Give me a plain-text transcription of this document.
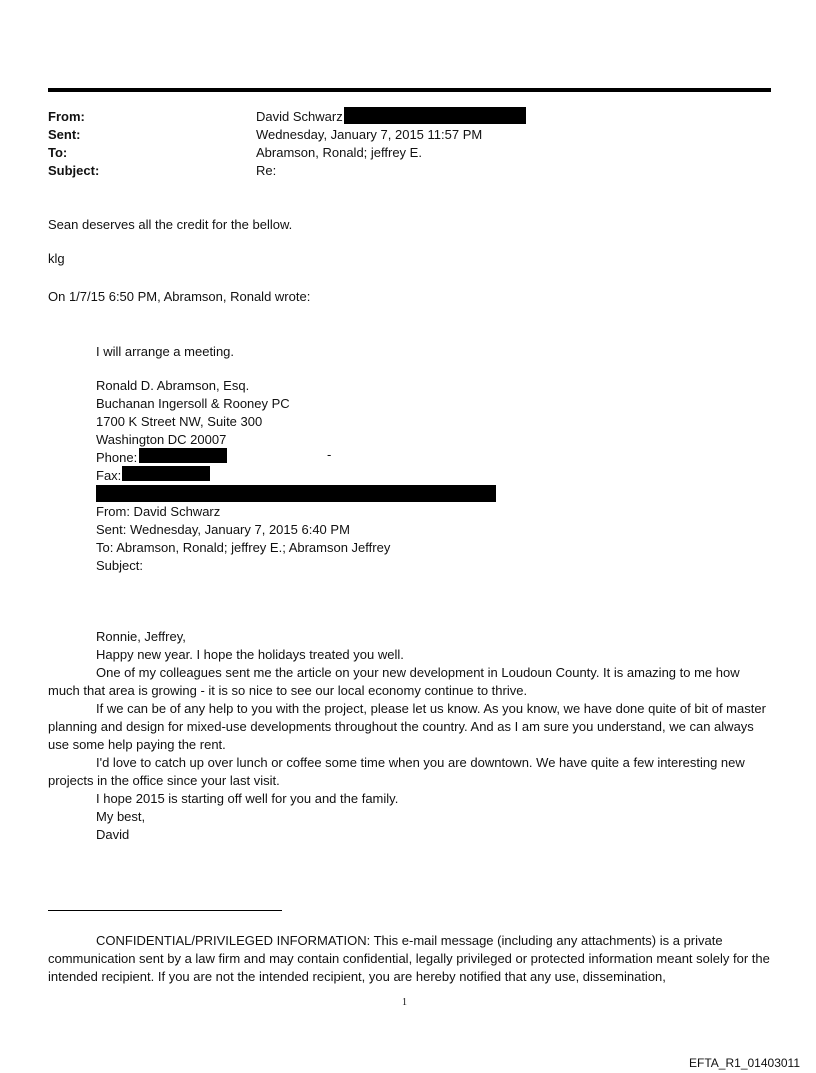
From:	David Schwarz
Sent:	Wednesday, January 7, 2015 11:57 PM
To:	Abramson, Ronald; jeffrey E.
Subject:	Re:
Sean deserves all the credit for the bellow.
klg
On 1/7/15 6:50 PM, Abramson, Ronald wrote:
I will arrange a meeting.
Ronald D. Abramson, Esq.
Buchanan Ingersoll & Rooney PC
1700 K Street NW, Suite 300
Washington DC 20007
Phone:	-
Fax:
From: David Schwarz
Sent: Wednesday, January 7, 2015 6:40 PM
To: Abramson, Ronald; jeffrey E.; Abramson Jeffrey
Subject:
Ronnie, Jeffrey,
Happy new year. I hope the holidays treated you well.
One of my colleagues sent me the article on your new development in Loudoun County. It is amazing to me how much that area is growing - it is so nice to see our local economy continue to thrive.
If we can be of any help to you with the project, please let us know. As you know, we have done quite of bit of master planning and design for mixed-use developments throughout the country. And as I am sure you understand, we can always use some help paying the rent.
I'd love to catch up over lunch or coffee some time when you are downtown. We have quite a few interesting new projects in the office since your last visit.
I hope 2015 is starting off well for you and the family.
My best,
David
CONFIDENTIAL/PRIVILEGED INFORMATION: This e-mail message (including any attachments) is a private communication sent by a law firm and may contain confidential, legally privileged or protected information meant solely for the intended recipient. If you are not the intended recipient, you are hereby notified that any use, dissemination,
1
EFTA_R1_01403011
